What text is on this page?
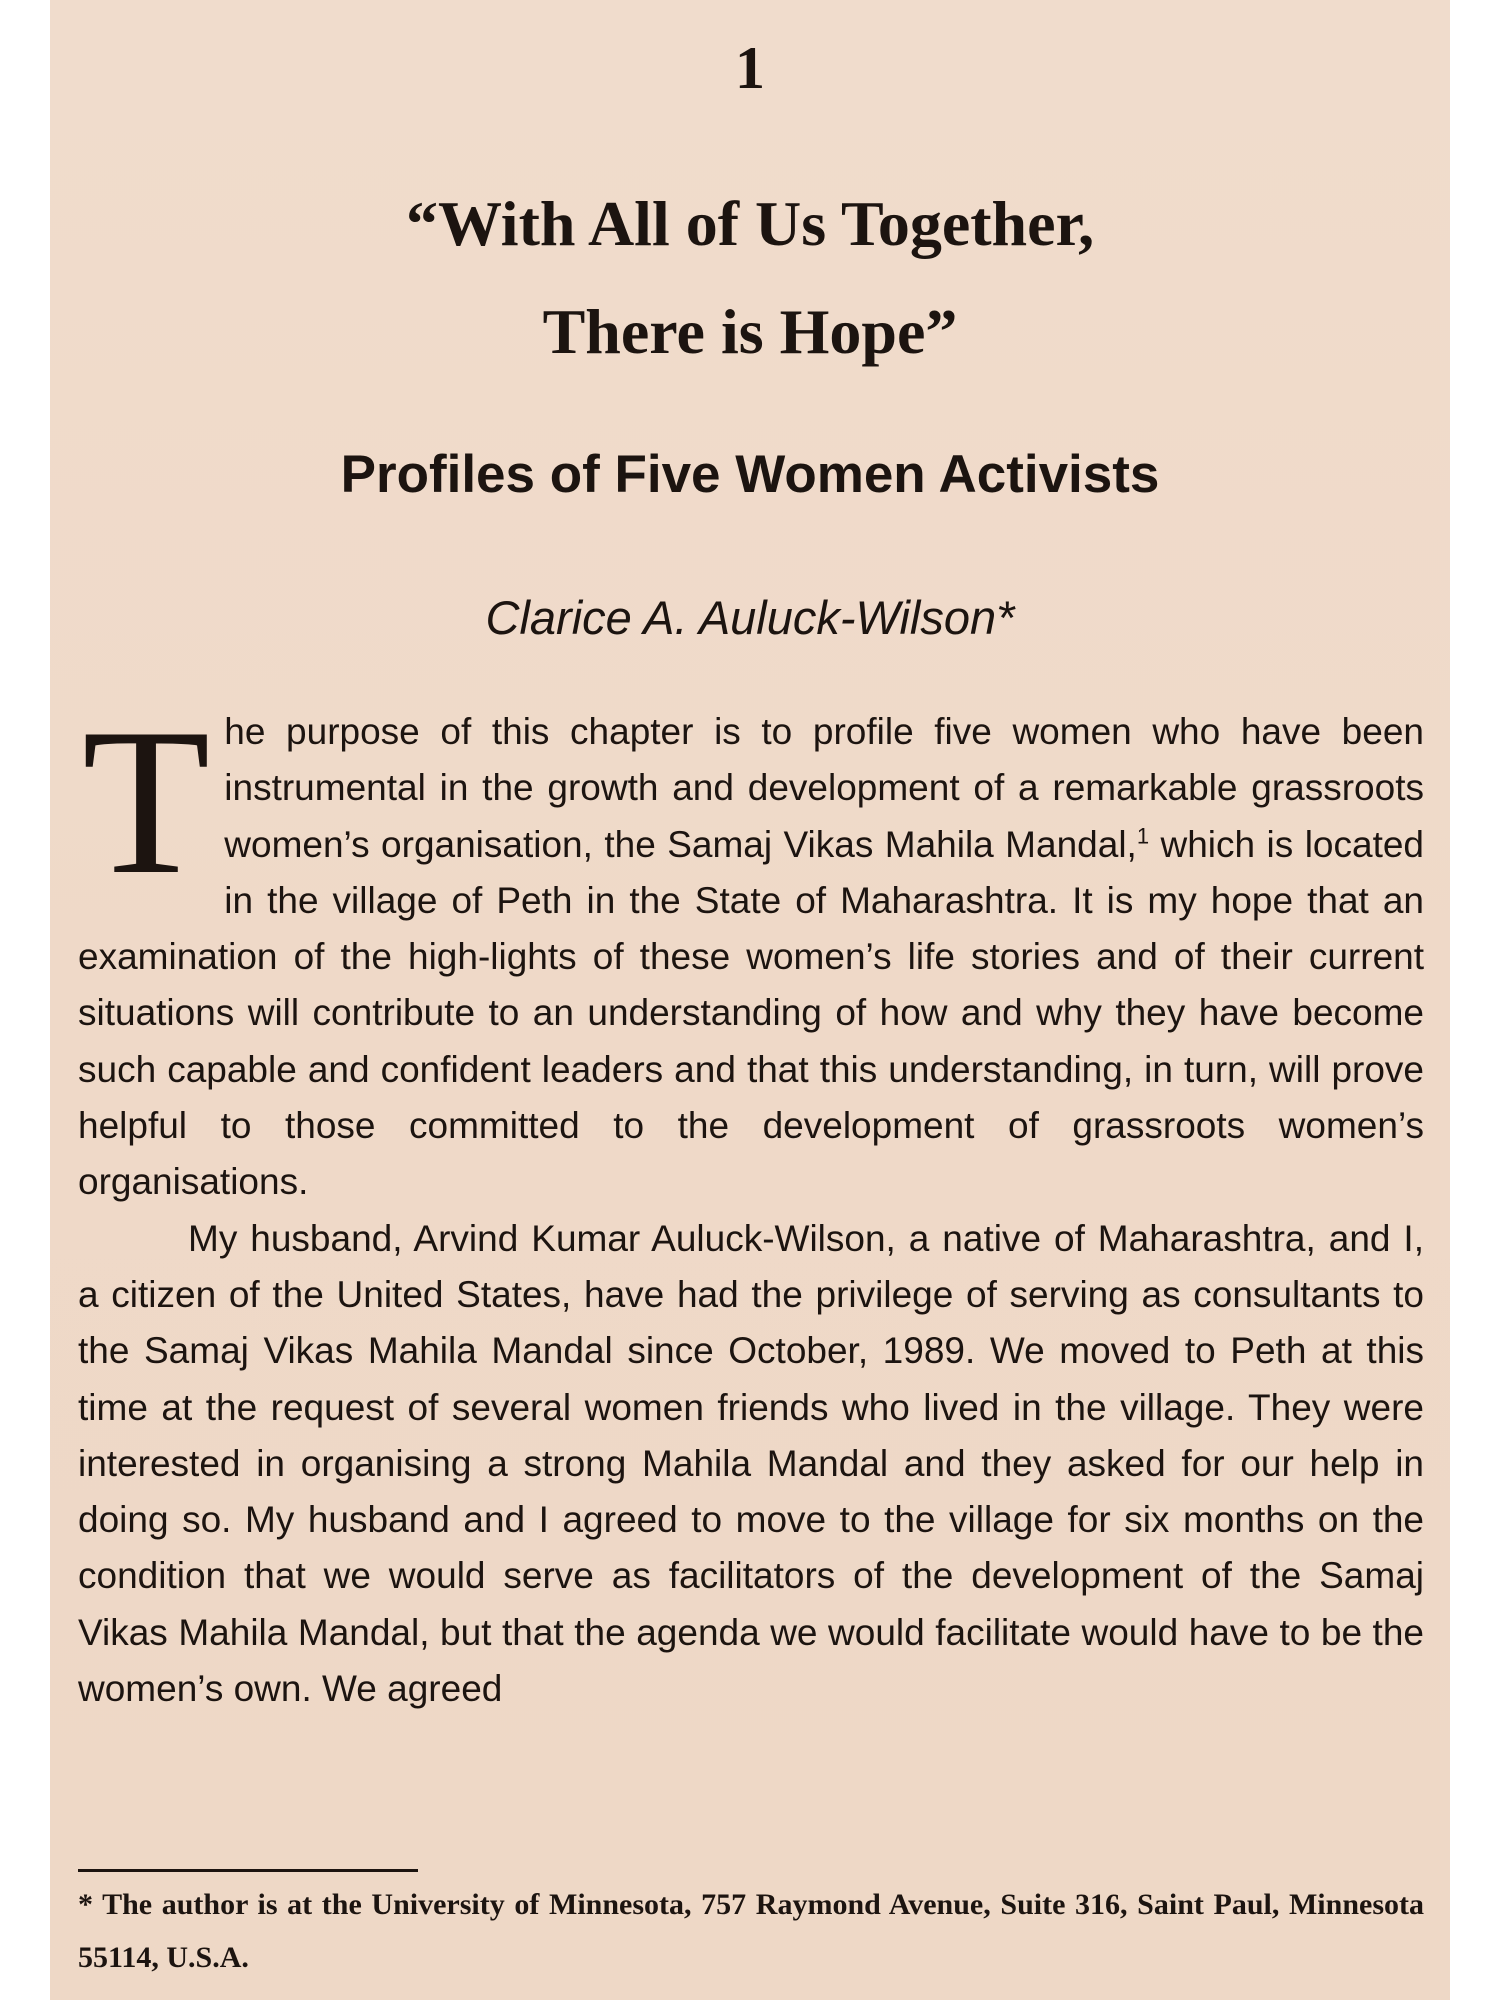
1
“With All of Us Together,
There is Hope”
Profiles of Five Women Activists
Clarice A. Auluck-Wilson*

The purpose of this chapter is to profile five women who have been instrumental in the growth and development of a remarkable grassroots women’s organisation, the Samaj Vikas Mahila Mandal,$^1$ which is located in the village of Peth in the State of Maharashtra. It is my hope that an examination of the high-lights of these women’s life stories and of their current situations will contribute to an understanding of how and why they have become such capable and confident leaders and that this understanding, in turn, will prove helpful to those committed to the development of grassroots women’s organisations.

My husband, Arvind Kumar Auluck-Wilson, a native of Maharashtra, and I, a citizen of the United States, have had the privilege of serving as consultants to the Samaj Vikas Mahila Mandal since October, 1989. We moved to Peth at this time at the request of several women friends who lived in the village. They were interested in organising a strong Mahila Mandal and they asked for our help in doing so. My husband and I agreed to move to the village for six months on the condition that we would serve as facilitators of the development of the Samaj Vikas Mahila Mandal, but that the agenda we would facilitate would have to be the women’s own. We agreed

* The author is at the University of Minnesota, 757 Raymond Avenue, Suite 316, Saint Paul, Minnesota 55114, U.S.A.
